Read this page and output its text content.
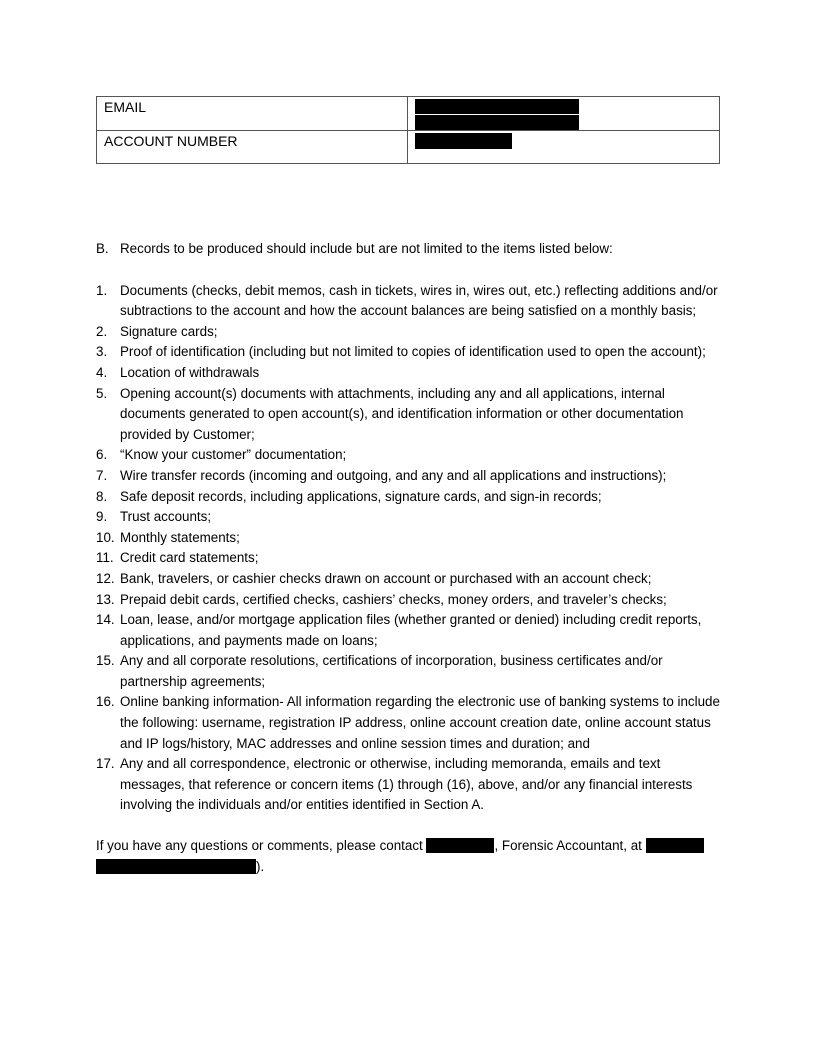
EMAIL	

ACCOUNT NUMBER	
B. Records to be produced should include but are not limited to the items listed below:
1. Documents (checks, debit memos, cash in tickets, wires in, wires out, etc.) reflecting additions and/or subtractions to the account and how the account balances are being satisfied on a monthly basis;
2. Signature cards;
3. Proof of identification (including but not limited to copies of identification used to open the account);
4. Location of withdrawals
5. Opening account(s) documents with attachments, including any and all applications, internal documents generated to open account(s), and identification information or other documentation provided by Customer;
6. “Know your customer” documentation;
7. Wire transfer records (incoming and outgoing, and any and all applications and instructions);
8. Safe deposit records, including applications, signature cards, and sign-in records;
9. Trust accounts;
10. Monthly statements;
11. Credit card statements;
12. Bank, travelers, or cashier checks drawn on account or purchased with an account check;
13. Prepaid debit cards, certified checks, cashiers’ checks, money orders, and traveler’s checks;
14. Loan, lease, and/or mortgage application files (whether granted or denied) including credit reports, applications, and payments made on loans;
15. Any and all corporate resolutions, certifications of incorporation, business certificates and/or partnership agreements;
16. Online banking information- All information regarding the electronic use of banking systems to include the following: username, registration IP address, online account creation date, online account status and IP logs/history, MAC addresses and online session times and duration; and
17. Any and all correspondence, electronic or otherwise, including memoranda, emails and text messages, that reference or concern items (1) through (16), above, and/or any financial interests involving the individuals and/or entities identified in Section A.

If you have any questions or comments, please contact	, Forensic Accountant, at
).
